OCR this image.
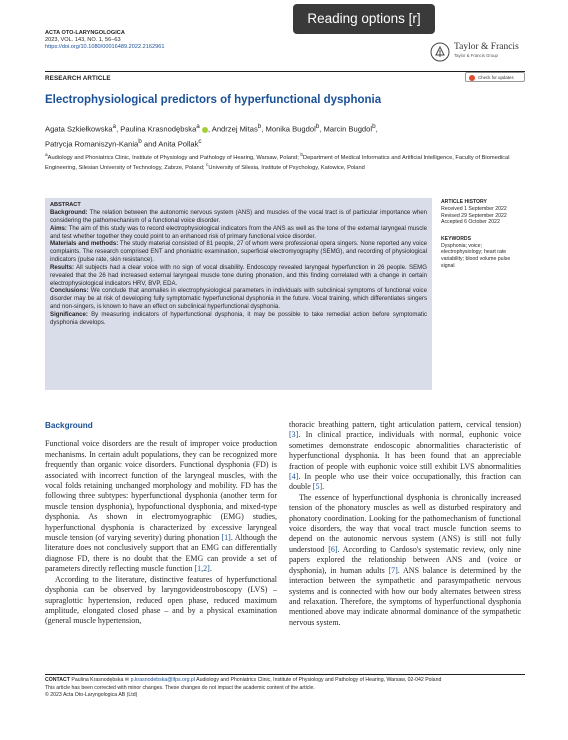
Reading options [r]
ACTA OTO-LARYNGOLOGICA
2023, VOL. 143, NO. 1, 56–63
https://doi.org/10.1080/00016489.2022.2162961	Taylor & Francis
Taylor & Francis Group
RESEARCH ARTICLE	Check for updates
Electrophysiological predictors of hyperfunctional dysphonia
Agata Szkiełkowska$^a$, Paulina Krasnodębska$^a$ , Andrzej Mitas$^b$, Monika Bugdol$^b$, Marcin Bugdol$^b$,
Patrycja Romaniszyn-Kania$^b$ and Anita Pollak$^c$
$^a$Audiology and Phoniatrics Clinic, Institute of Physiology and Pathology of Hearing, Warsaw, Poland; $^b$Department of Medical Informatics and Artificial Intelligence, Faculty of Biomedical Engineering, Silesian University of Technology, Zabrze, Poland; $^c$University of Silesia, Institute of Psychology, Katowice, Poland
ABSTRACT

Background: The relation between the autonomic nervous system (ANS) and muscles of the vocal tract is of particular importance when considering the pathomechanism of a functional voice disorder.

Aims: The aim of this study was to record electrophysiological indicators from the ANS as well as the tone of the external laryngeal muscle and test whether together they could point to an enhanced risk of primary functional voice disorder.

Materials and methods: The study material consisted of 81 people, 27 of whom were professional opera singers. None reported any voice complaints. The research comprised ENT and phoniatric examination, superficial electromyography (SEMG), and recording of physiological indicators (pulse rate, skin resistance).

Results: All subjects had a clear voice with no sign of vocal disability. Endoscopy revealed laryngeal hyperfunction in 26 people. SEMG revealed that the 26 had increased external laryngeal muscle tone during phonation, and this finding correlated with a change in certain electrophysiological indicators HRV, BVP, EDA.

Conclusions: We conclude that anomalies in electrophysiological parameters in individuals with subclinical symptoms of functional voice disorder may be at risk of developing fully symptomatic hyperfunctional dysphonia in the future. Vocal training, which differentiates singers and non-singers, is known to have an effect on subclinical hyperfunctional dysphonia.

Significance: By measuring indicators of hyperfunctional dysphonia, it may be possible to take remedial action before symptomatic dysphonia develops.

ARTICLE HISTORY
Received 1 September 2022
Revised 29 September 2022
Accepted 6 October 2022
KEYWORDS
Dysphonia; voice; electrophysiology; heart rate variability; blood volume pulse signal
Background

Functional voice disorders are the result of improper voice production mechanisms. In certain adult populations, they can be recognized more frequently than organic voice disorders. Functional dysphonia (FD) is associated with incorrect function of the laryngeal muscles, with the vocal folds retaining unchanged morphology and mobility. FD has the following three subtypes: hyperfunctional dysphonia (another term for muscle tension dysphonia), hypofunctional dysphonia, and mixed-type dysphonia. As shown in electromyographic (EMG) studies, hyperfunctional dysphonia is characterized by excessive laryngeal muscle tension (of varying severity) during phonation [1]. Although the literature does not conclusively support that an EMG can differentially diagnose FD, there is no doubt that the EMG can provide a set of parameters directly reflecting muscle function [1,2].

According to the literature, distinctive features of hyperfunctional dysphonia can be observed by laryngovideostroboscopy (LVS) – supraglottic hypertension, reduced open phase, reduced maximum amplitude, elongated closed phase – and by a physical examination (general muscle hypertension,

thoracic breathing pattern, tight articulation pattern, cervical tension) [3]. In clinical practice, individuals with normal, euphonic voice sometimes demonstrate endoscopic abnormalities characteristic of hyperfunctional dysphonia. It has been found that an appreciable fraction of people with euphonic voice still exhibit LVS abnormalities [4]. In people who use their voice occupationally, this fraction can double [5].

The essence of hyperfunctional dysphonia is chronically increased tension of the phonatory muscles as well as disturbed respiratory and phonatory coordination. Looking for the pathomechanism of functional voice disorders, the way that vocal tract muscle function seems to depend on the autonomic nervous system (ANS) is still not fully understood [6]. According to Cardoso's systematic review, only nine papers explored the relationship between ANS and (voice or dysphonia), in human adults [7]. ANS balance is determined by the interaction between the sympathetic and parasympathetic nervous systems and is connected with how our body alternates between stress and relaxation. Therefore, the symptoms of hyperfunctional dysphonia mentioned above may indicate abnormal dominance of the sympathetic nervous system.

CONTACT Paulina Krasnodębska ✉ p.krasnodebska@ifps.org.pl Audiology and Phoniatrics Clinic, Institute of Physiology and Pathology of Hearing, Warsaw, 02-042 Poland
This article has been corrected with minor changes. These changes do not impact the academic content of the article.
© 2023 Acta Oto-Laryngologica AB (Ltd)
